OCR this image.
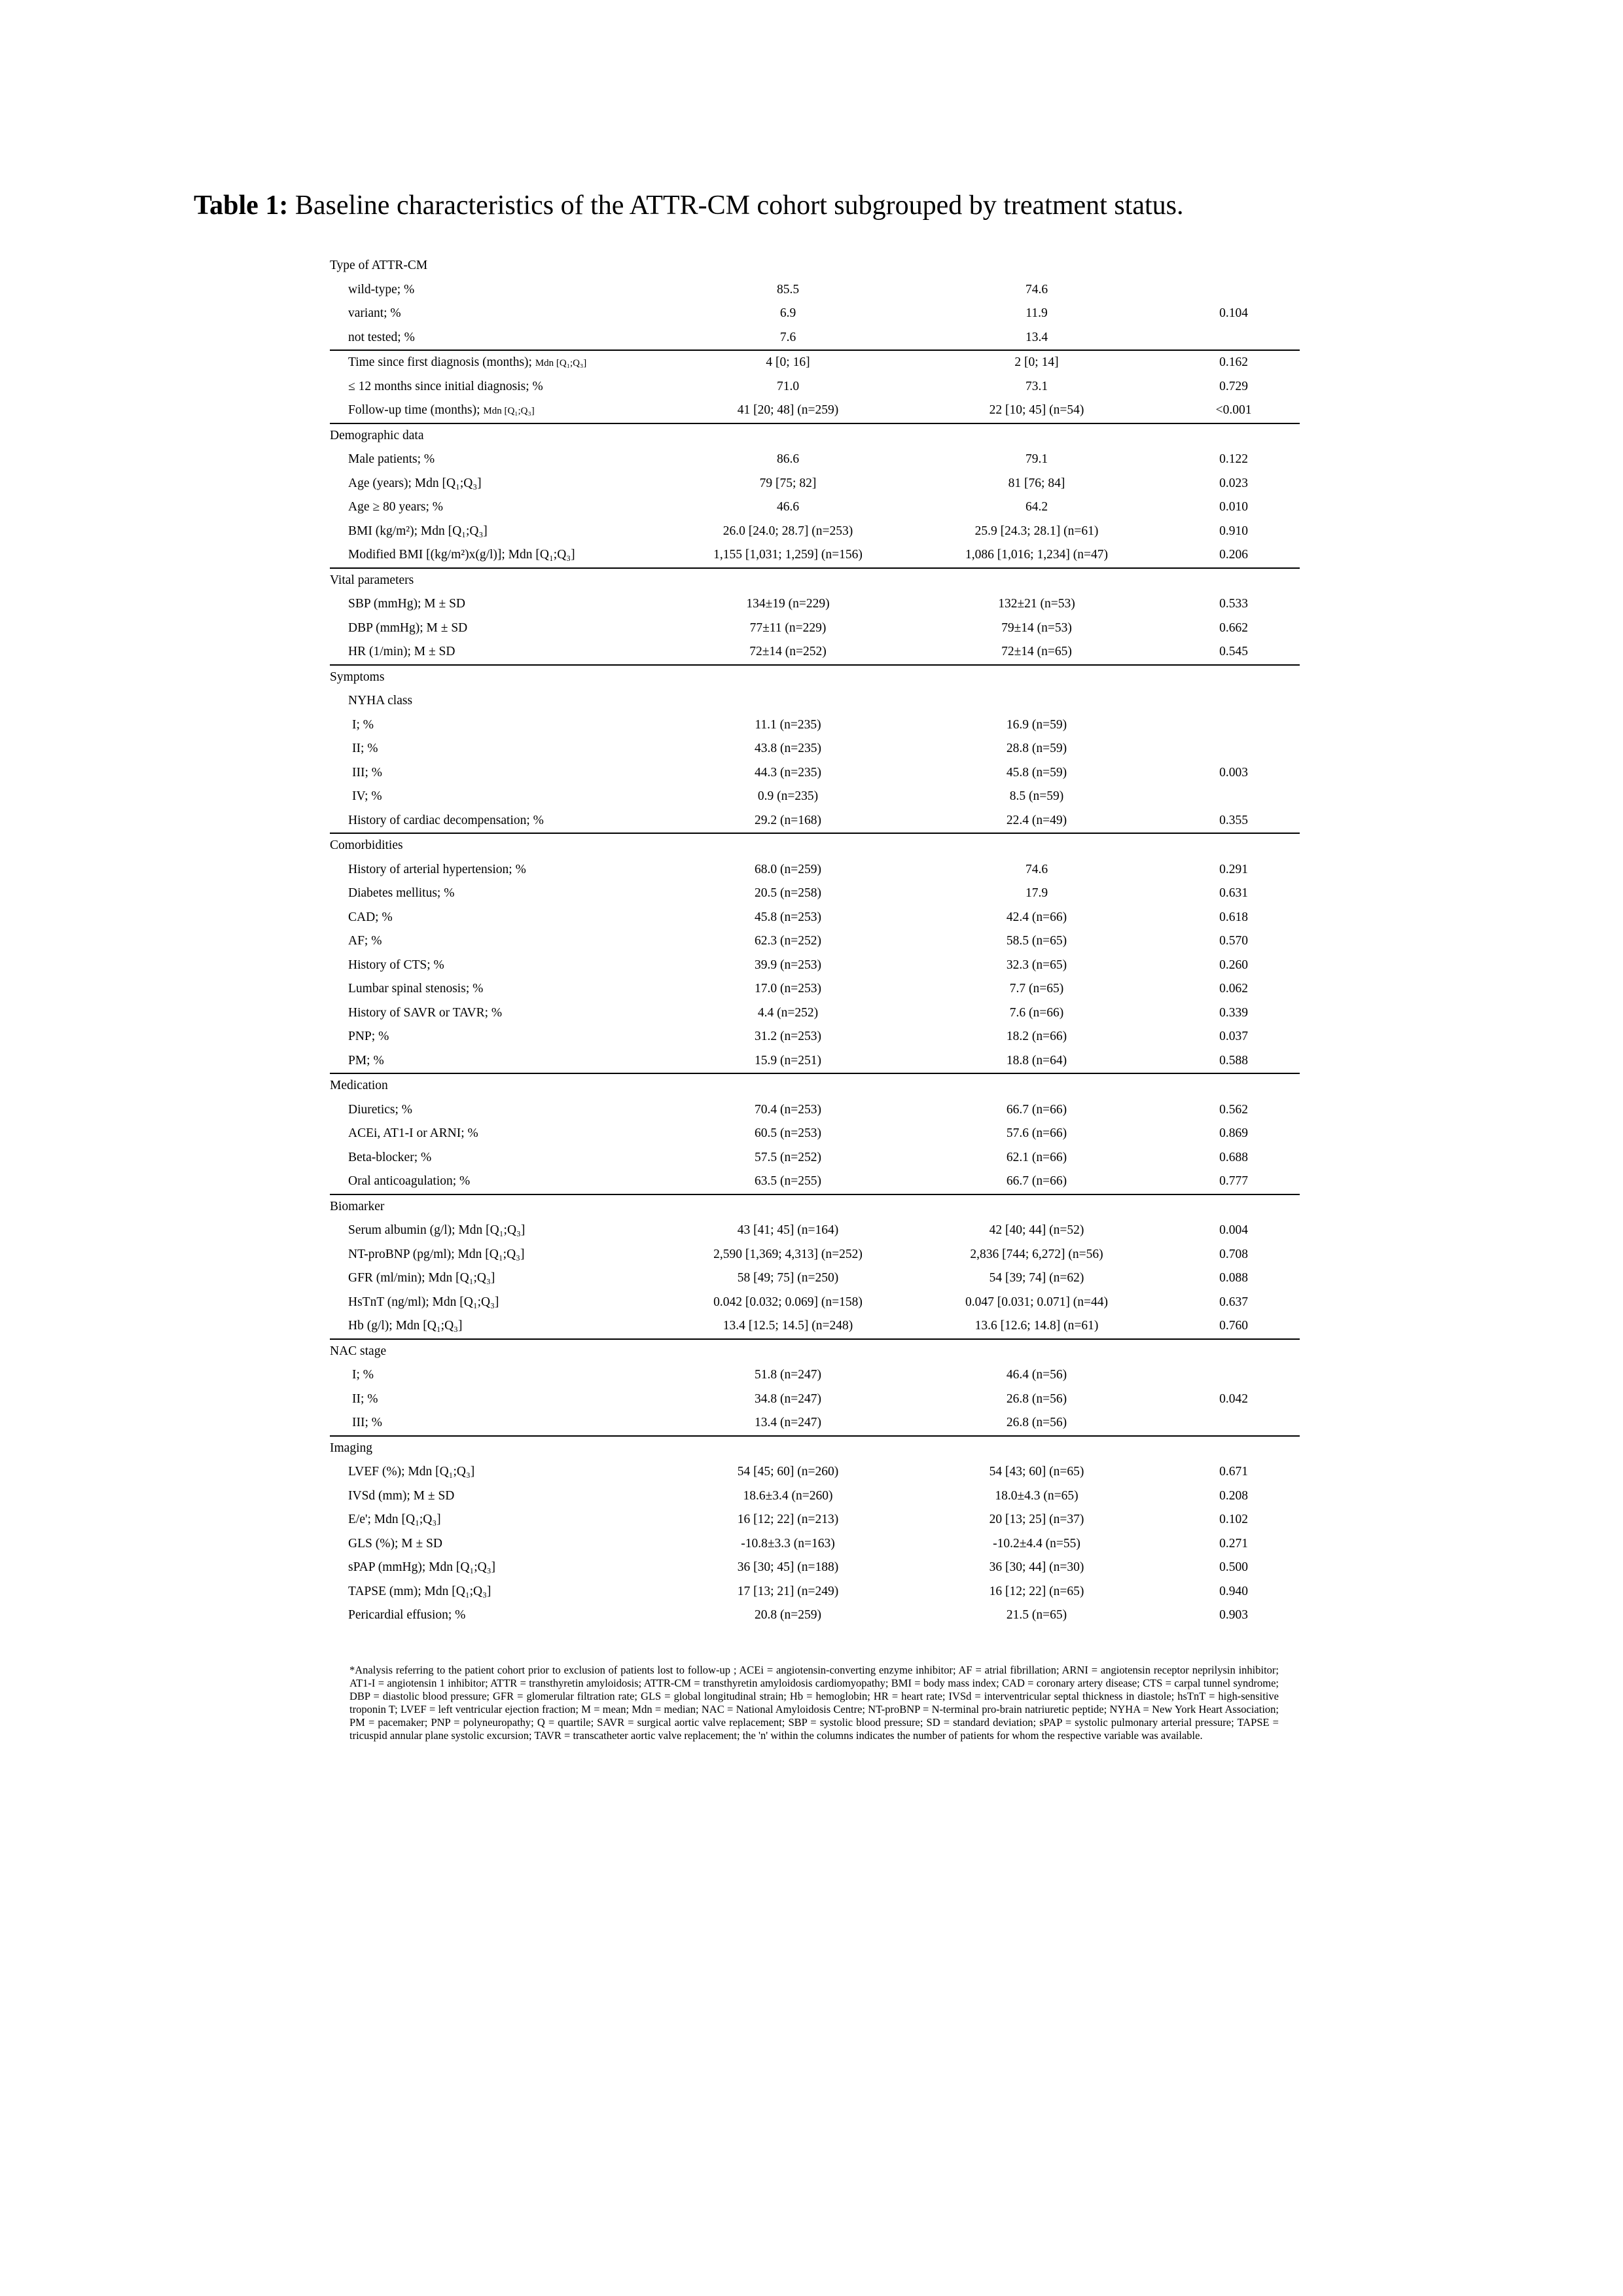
Table 1: Baseline characteristics of the ATTR-CM cohort subgrouped by treatment status.
Type of ATTR-CM			
wild-type; %	85.5	74.6	
variant; %	6.9	11.9	0.104
not tested; %	7.6	13.4	
Time since first diagnosis (months); Mdn [Q₁;Q₃]	4 [0; 16]	2 [0; 14]	0.162
≤ 12 months since initial diagnosis; %	71.0	73.1	0.729
Follow-up time (months); Mdn [Q₁;Q₃]	41 [20; 48] (n=259)	22 [10; 45] (n=54)	<0.001
Demographic data			
Male patients; %	86.6	79.1	0.122
Age (years); Mdn [Q₁;Q₃]	79 [75; 82]	81 [76; 84]	0.023
Age ≥ 80 years; %	46.6	64.2	0.010
BMI (kg/m²); Mdn [Q₁;Q₃]	26.0 [24.0; 28.7] (n=253)	25.9 [24.3; 28.1] (n=61)	0.910
Modified BMI [(kg/m²)x(g/l)]; Mdn [Q₁;Q₃]	1,155 [1,031; 1,259] (n=156)	1,086 [1,016; 1,234] (n=47)	0.206
Vital parameters			
SBP (mmHg); M ± SD	134±19 (n=229)	132±21 (n=53)	0.533
DBP (mmHg); M ± SD	77±11 (n=229)	79±14 (n=53)	0.662
HR (1/min); M ± SD	72±14 (n=252)	72±14 (n=65)	0.545
Symptoms			
NYHA class			
I; %	11.1 (n=235)	16.9 (n=59)	
II; %	43.8 (n=235)	28.8 (n=59)	
III; %	44.3 (n=235)	45.8 (n=59)	0.003
IV; %	0.9 (n=235)	8.5 (n=59)	
History of cardiac decompensation; %	29.2 (n=168)	22.4 (n=49)	0.355
Comorbidities			
History of arterial hypertension; %	68.0 (n=259)	74.6	0.291
Diabetes mellitus; %	20.5 (n=258)	17.9	0.631
CAD; %	45.8 (n=253)	42.4 (n=66)	0.618
AF; %	62.3 (n=252)	58.5 (n=65)	0.570
History of CTS; %	39.9 (n=253)	32.3 (n=65)	0.260
Lumbar spinal stenosis; %	17.0 (n=253)	7.7 (n=65)	0.062
History of SAVR or TAVR; %	4.4 (n=252)	7.6 (n=66)	0.339
PNP; %	31.2 (n=253)	18.2 (n=66)	0.037
PM; %	15.9 (n=251)	18.8 (n=64)	0.588
Medication			
Diuretics; %	70.4 (n=253)	66.7 (n=66)	0.562
ACEi, AT1-I or ARNI; %	60.5 (n=253)	57.6 (n=66)	0.869
Beta-blocker; %	57.5 (n=252)	62.1 (n=66)	0.688
Oral anticoagulation; %	63.5 (n=255)	66.7 (n=66)	0.777
Biomarker			
Serum albumin (g/l); Mdn [Q₁;Q₃]	43 [41; 45] (n=164)	42 [40; 44] (n=52)	0.004
NT-proBNP (pg/ml); Mdn [Q₁;Q₃]	2,590 [1,369; 4,313] (n=252)	2,836 [744; 6,272] (n=56)	0.708
GFR (ml/min); Mdn [Q₁;Q₃]	58 [49; 75] (n=250)	54 [39; 74] (n=62)	0.088
HsTnT (ng/ml); Mdn [Q₁;Q₃]	0.042 [0.032; 0.069] (n=158)	0.047 [0.031; 0.071] (n=44)	0.637
Hb (g/l); Mdn [Q₁;Q₃]	13.4 [12.5; 14.5] (n=248)	13.6 [12.6; 14.8] (n=61)	0.760
NAC stage			
I; %	51.8 (n=247)	46.4 (n=56)	
II; %	34.8 (n=247)	26.8 (n=56)	0.042
III; %	13.4 (n=247)	26.8 (n=56)	
Imaging			
LVEF (%); Mdn [Q₁;Q₃]	54 [45; 60] (n=260)	54 [43; 60] (n=65)	0.671
IVSd (mm); M ± SD	18.6±3.4 (n=260)	18.0±4.3 (n=65)	0.208
E/e'; Mdn [Q₁;Q₃]	16 [12; 22] (n=213)	20 [13; 25] (n=37)	0.102
GLS (%); M ± SD	-10.8±3.3 (n=163)	-10.2±4.4 (n=55)	0.271
sPAP (mmHg); Mdn [Q₁;Q₃]	36 [30; 45] (n=188)	36 [30; 44] (n=30)	0.500
TAPSE (mm); Mdn [Q₁;Q₃]	17 [13; 21] (n=249)	16 [12; 22] (n=65)	0.940
Pericardial effusion; %	20.8 (n=259)	21.5 (n=65)	0.903
*Analysis referring to the patient cohort prior to exclusion of patients lost to follow-up ; ACEi = angiotensin-converting enzyme inhibitor; AF = atrial fibrillation; ARNI = angiotensin receptor neprilysin inhibitor; AT1-I = angiotensin 1 inhibitor; ATTR = transthyretin amyloidosis; ATTR-CM = transthyretin amyloidosis cardiomyopathy; BMI = body mass index; CAD = coronary artery disease; CTS = carpal tunnel syndrome; DBP = diastolic blood pressure; GFR = glomerular filtration rate; GLS = global longitudinal strain; Hb = hemoglobin; HR = heart rate; IVSd = interventricular septal thickness in diastole; hsTnT = high-sensitive troponin T; LVEF = left ventricular ejection fraction; M = mean; Mdn = median; NAC = National Amyloidosis Centre; NT-proBNP = N-terminal pro-brain natriuretic peptide; NYHA = New York Heart Association; PM = pacemaker; PNP = polyneuropathy; Q = quartile; SAVR = surgical aortic valve replacement; SBP = systolic blood pressure; SD = standard deviation; sPAP = systolic pulmonary arterial pressure; TAPSE = tricuspid annular plane systolic excursion; TAVR = transcatheter aortic valve replacement; the 'n' within the columns indicates the number of patients for whom the respective variable was available.
